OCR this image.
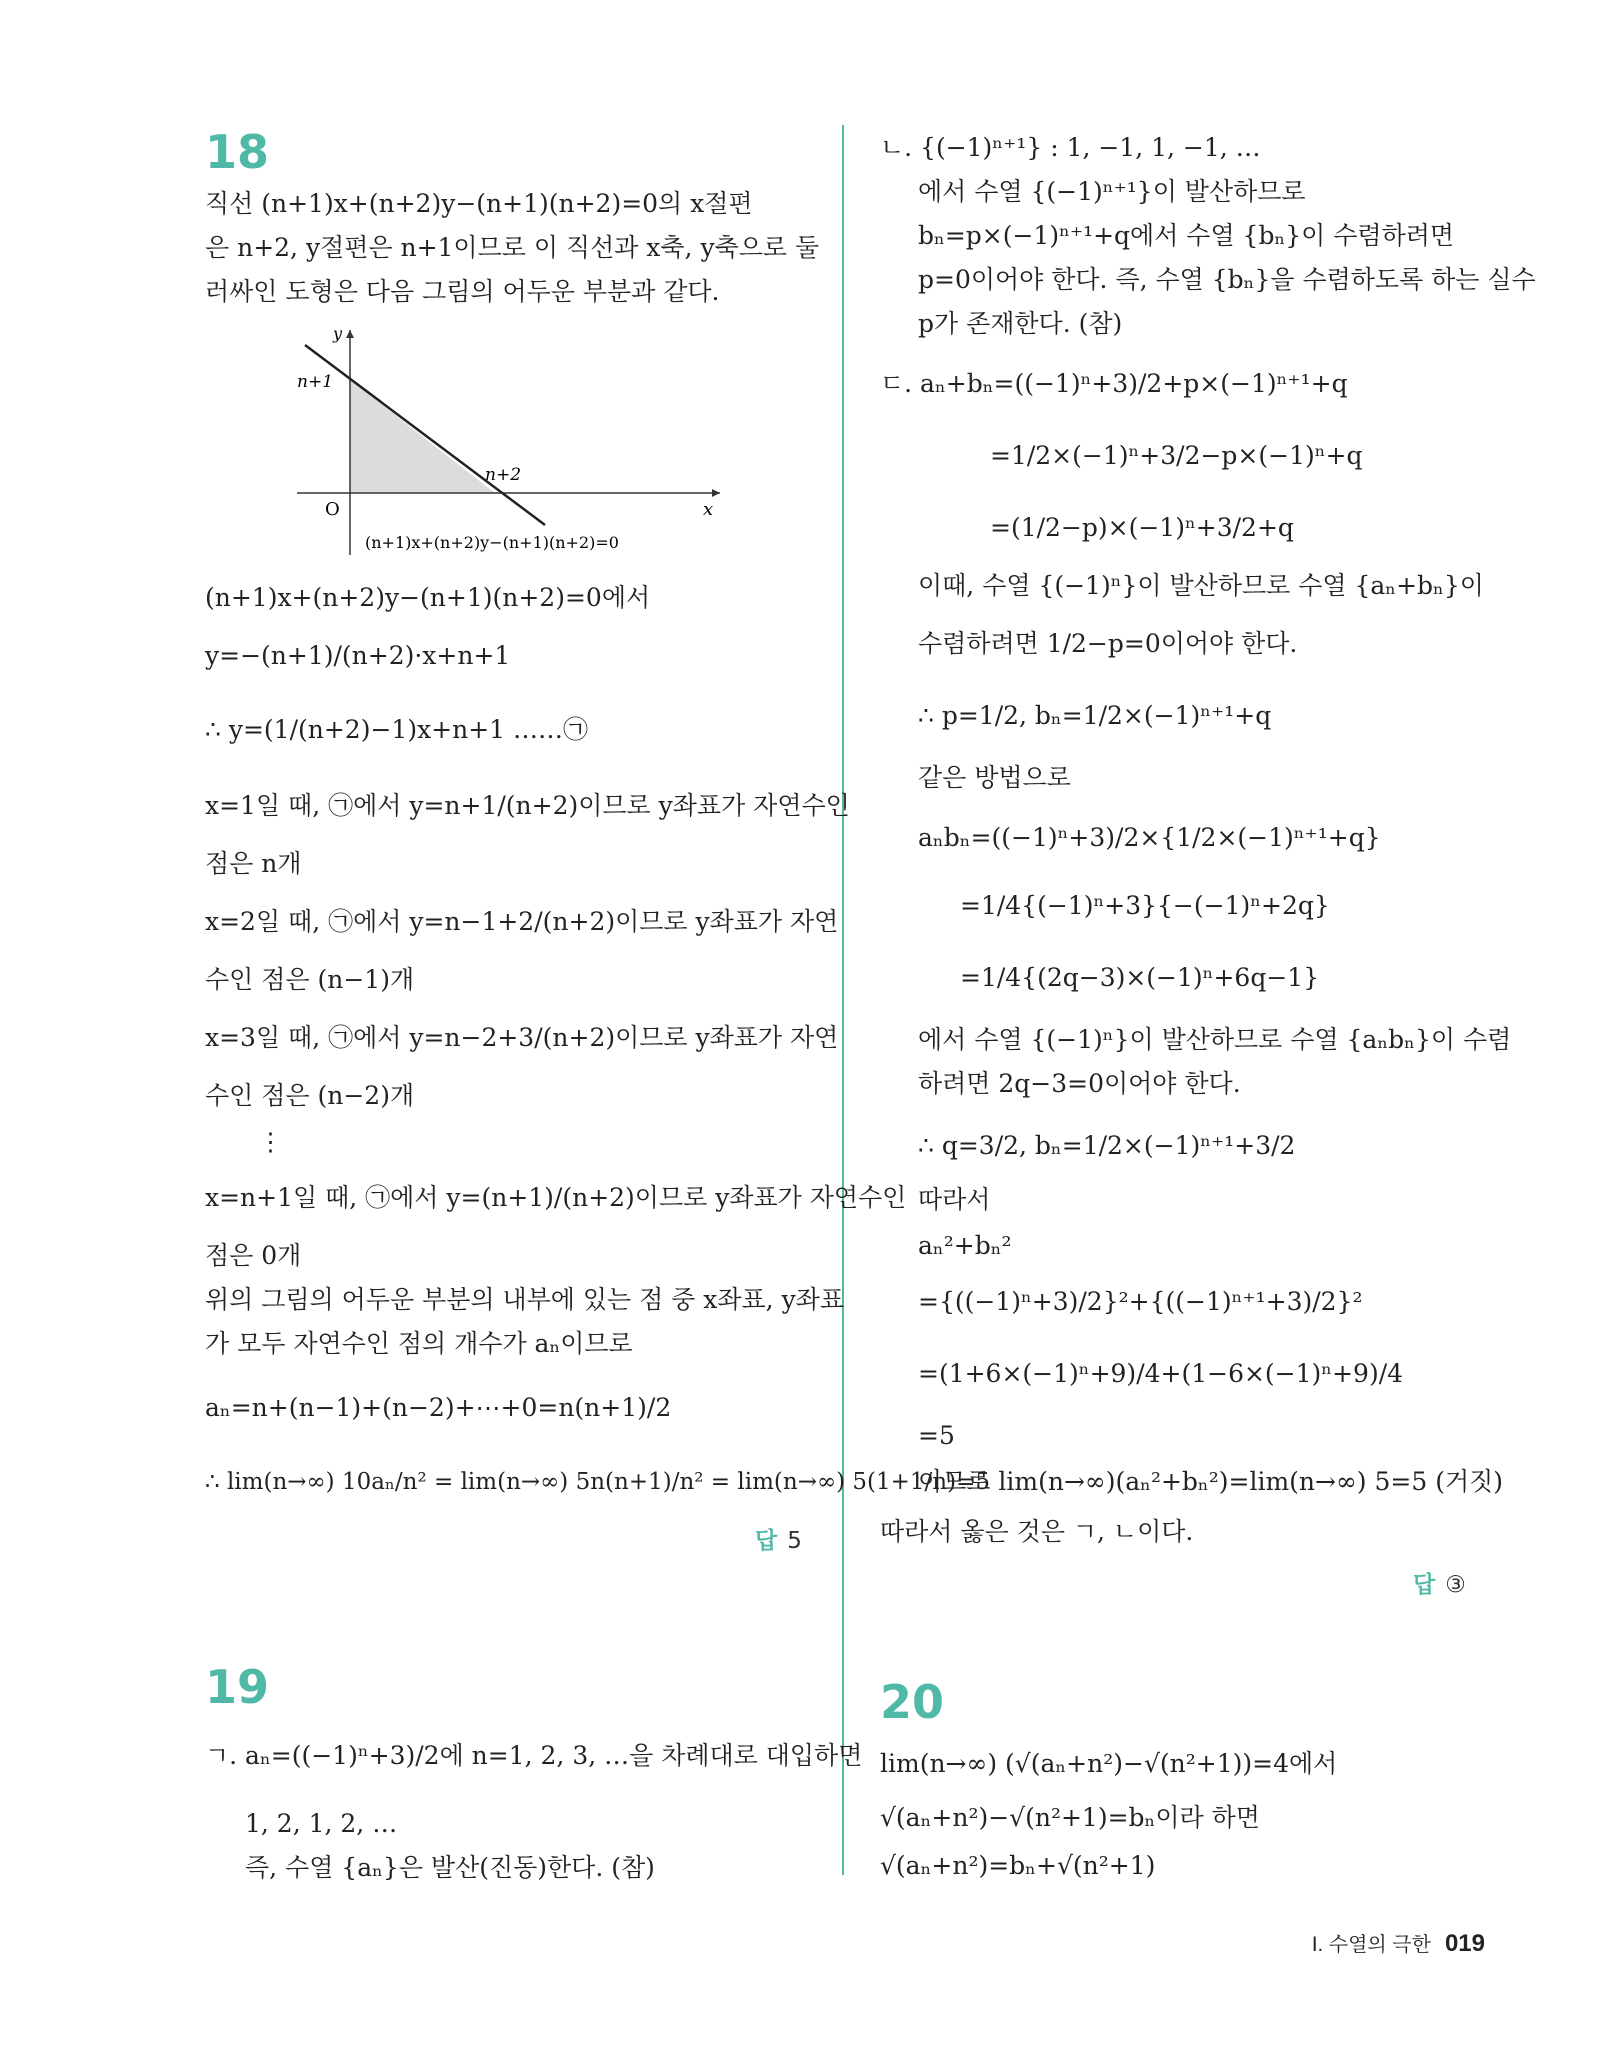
18
직선 (n+1)x+(n+2)y−(n+1)(n+2)=0의 x절편
은 n+2, y절편은 n+1이므로 이 직선과 x축, y축으로 둘
러싸인 도형은 다음 그림의 어두운 부분과 같다.
y
x
O
n+1
n+2
(n+1)x+(n+2)y−(n+1)(n+2)=0
(n+1)x+(n+2)y−(n+1)(n+2)=0에서
y=−(n+1)/(n+2)·x+n+1
∴ y=(1/(n+2)−1)x+n+1 ……㉠
x=1일 때, ㉠에서 y=n+1/(n+2)이므로 y좌표가 자연수인
점은 n개
x=2일 때, ㉠에서 y=n−1+2/(n+2)이므로 y좌표가 자연
수인 점은 (n−1)개
x=3일 때, ㉠에서 y=n−2+3/(n+2)이므로 y좌표가 자연
수인 점은 (n−2)개
⋮
x=n+1일 때, ㉠에서 y=(n+1)/(n+2)이므로 y좌표가 자연수인
점은 0개
위의 그림의 어두운 부분의 내부에 있는 점 중 x좌표, y좌표
가 모두 자연수인 점의 개수가 aₙ이므로
aₙ=n+(n−1)+(n−2)+⋯+0=n(n+1)/2
∴ lim(n→∞) 10aₙ/n² = lim(n→∞) 5n(n+1)/n² = lim(n→∞) 5(1+1/n)=5
답 5
19
ㄱ. aₙ=((−1)ⁿ+3)/2에 n=1, 2, 3, …을 차례대로 대입하면
1, 2, 1, 2, …
즉, 수열 {aₙ}은 발산(진동)한다. (참)
ㄴ. {(−1)ⁿ⁺¹} : 1, −1, 1, −1, …
에서 수열 {(−1)ⁿ⁺¹}이 발산하므로
bₙ=p×(−1)ⁿ⁺¹+q에서 수열 {bₙ}이 수렴하려면
p=0이어야 한다. 즉, 수열 {bₙ}을 수렴하도록 하는 실수
p가 존재한다. (참)
ㄷ. aₙ+bₙ=((−1)ⁿ+3)/2+p×(−1)ⁿ⁺¹+q
=1/2×(−1)ⁿ+3/2−p×(−1)ⁿ+q
=(1/2−p)×(−1)ⁿ+3/2+q
이때, 수열 {(−1)ⁿ}이 발산하므로 수열 {aₙ+bₙ}이
수렴하려면 1/2−p=0이어야 한다.
∴ p=1/2, bₙ=1/2×(−1)ⁿ⁺¹+q
같은 방법으로
aₙbₙ=((−1)ⁿ+3)/2×{1/2×(−1)ⁿ⁺¹+q}
=1/4{(−1)ⁿ+3}{−(−1)ⁿ+2q}
=1/4{(2q−3)×(−1)ⁿ+6q−1}
에서 수열 {(−1)ⁿ}이 발산하므로 수열 {aₙbₙ}이 수렴
하려면 2q−3=0이어야 한다.
∴ q=3/2, bₙ=1/2×(−1)ⁿ⁺¹+3/2
따라서
aₙ²+bₙ²
={((−1)ⁿ+3)/2}²+{((−1)ⁿ⁺¹+3)/2}²
=(1+6×(−1)ⁿ+9)/4+(1−6×(−1)ⁿ+9)/4
=5
이므로 lim(n→∞)(aₙ²+bₙ²)=lim(n→∞) 5=5 (거짓)
따라서 옳은 것은 ㄱ, ㄴ이다.
답 ③
20
lim(n→∞) (√(aₙ+n²)−√(n²+1))=4에서
√(aₙ+n²)−√(n²+1)=bₙ이라 하면
√(aₙ+n²)=bₙ+√(n²+1)
Ⅰ. 수열의 극한 019
